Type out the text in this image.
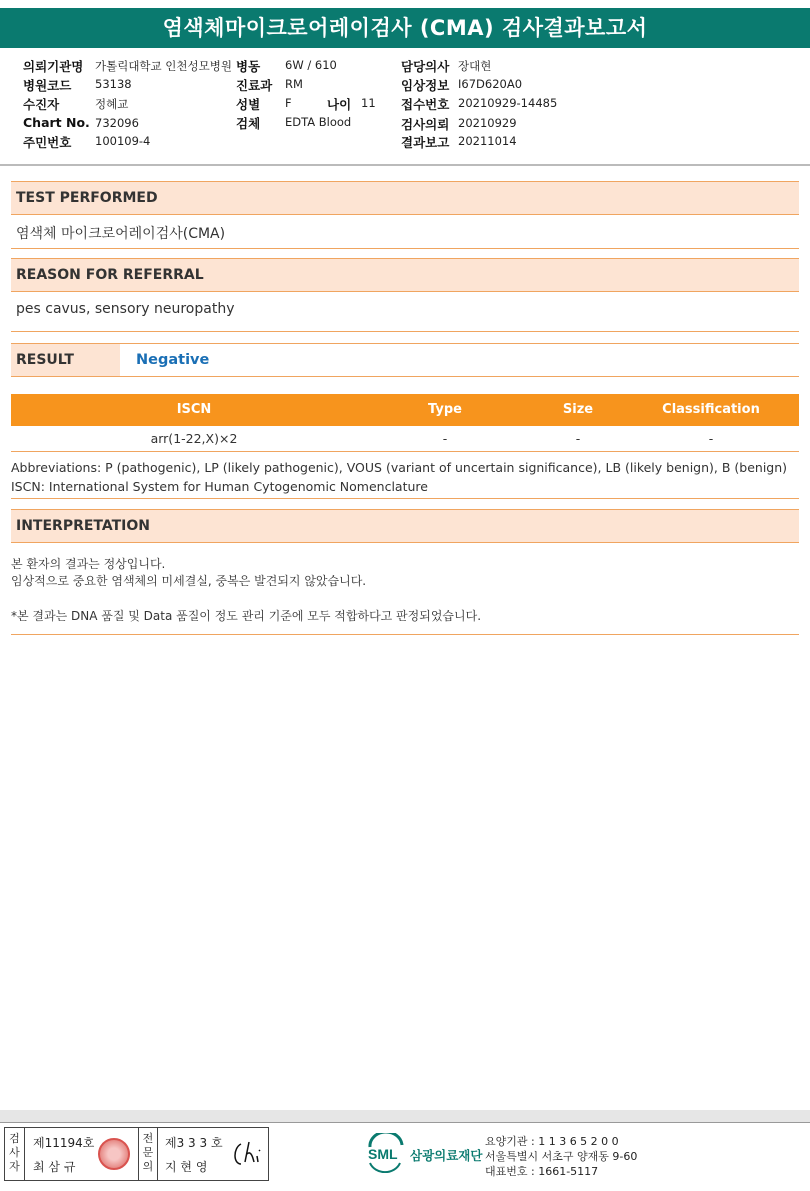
염색체마이크로어레이검사 (CMA) 검사결과보고서
의뢰기관명 가톨릭대학교 인천성모병원
병원코드 53138
수진자	정혜교
Chart No. 732096
주민번호 100109-4
병동 6W / 610
진료과 RM
성별 F	나이 11
검체 EDTA Blood
담당의사 장대현
임상정보 I67D620A0
접수번호 20210929-14485
검사의뢰 20210929
결과보고 20211014
TEST PERFORMED
염색체 마이크로어레이검사(CMA)
REASON FOR REFERRAL
pes cavus, sensory neuropathy
RESULT	Negative
ISCN	Type	Size	Classification
arr(1-22,X)×2	-	-	-
Abbreviations: P (pathogenic), LP (likely pathogenic), VOUS (variant of uncertain significance), LB (likely benign), B (benign)
ISCN: International System for Human Cytogenomic Nomenclature
INTERPRETATION
본 환자의 결과는 정상입니다.
임상적으로 중요한 염색체의 미세결실, 중복은 발견되지 않았습니다.
*본 결과는 DNA 품질 및 Data 품질이 정도 관리 기준에 모두 적합하다고 판정되었습니다.
검사자
제11194호
최 삼 규
전문의
제3 3 3 호
지 현 영
SML 삼광의료재단
요양기관 : 1 1 3 6 5 2 0 0
서울특별시 서초구 양재동 9-60
대표번호 : 1661-5117
